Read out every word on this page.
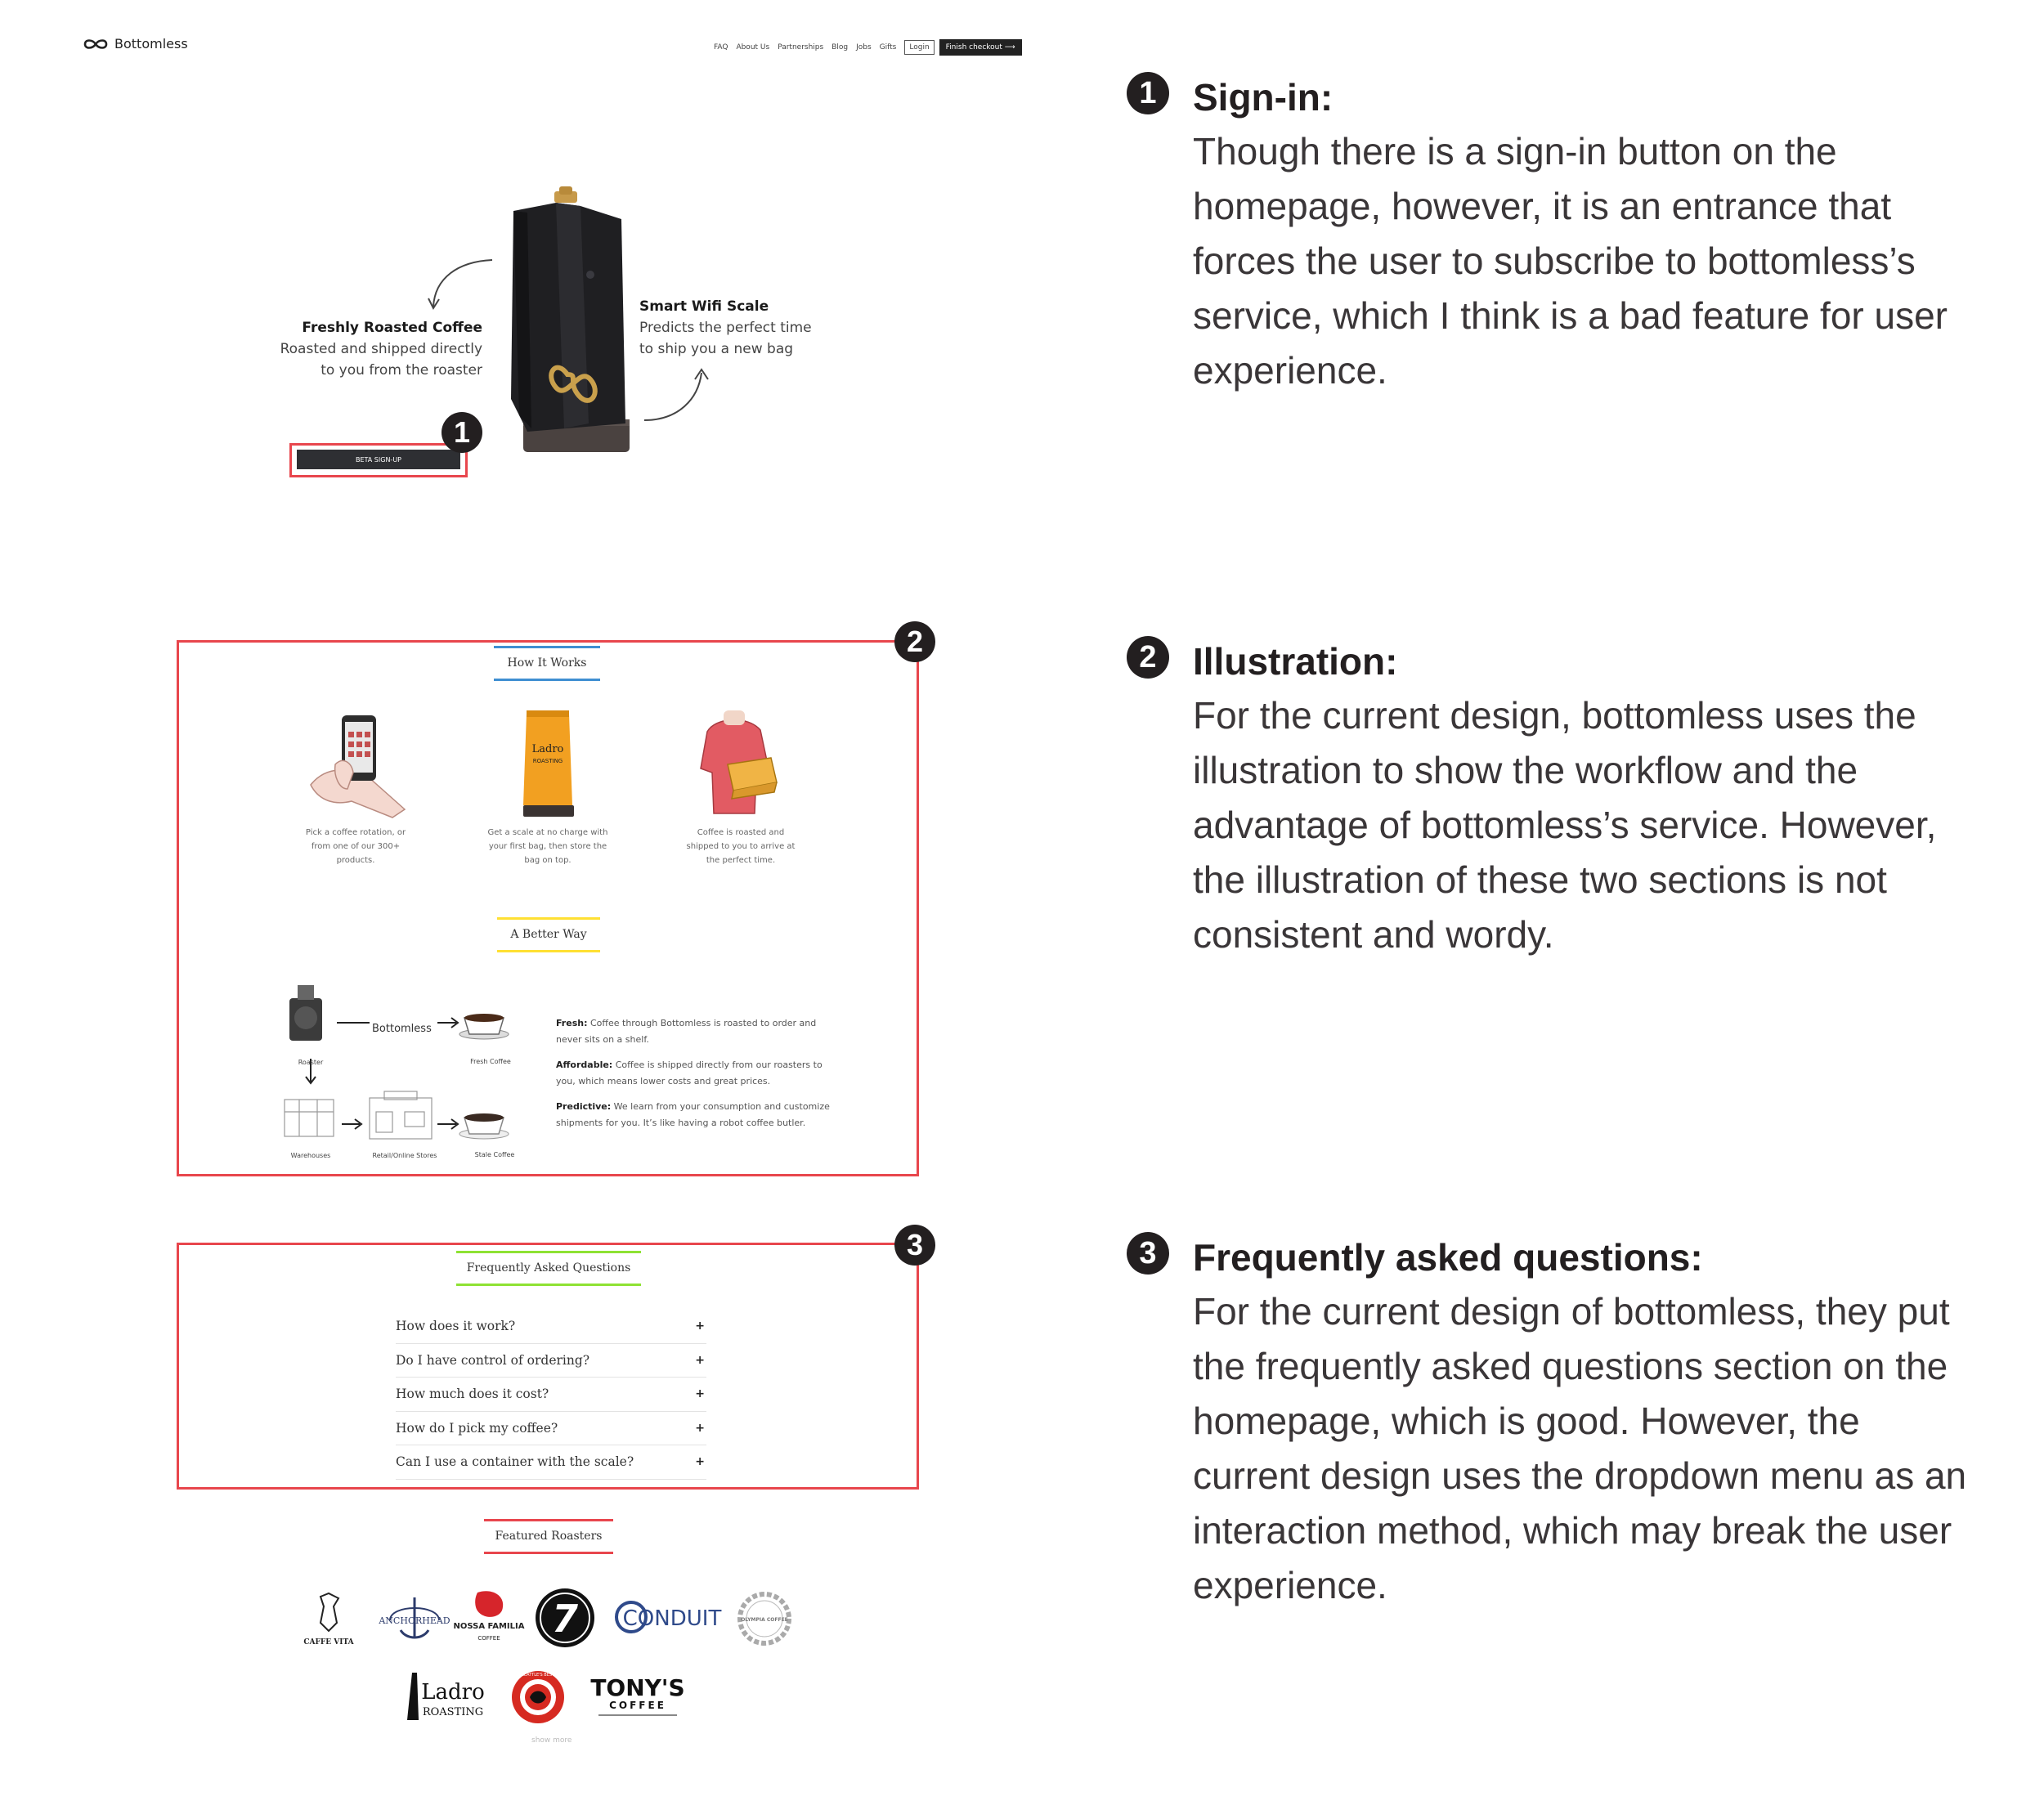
Bottomless	FAQ About Us Partnerships Blog Jobs Gifts	Login	Finish checkout ⟶
Freshly Roasted Coffee
Roasted and shipped directly
to you from the roaster
Smart Wifi Scale
Predicts the perfect time
to ship you a new bag
BETA SIGN-UP
1
2
How It Works
Ladro
ROASTING
Pick a coffee rotation, or
from one of our 300+
products.
Get a scale at no charge with
your first bag, then store the
bag on top.
Coffee is roasted and
shipped to you to arrive at
the perfect time.
A Better Way
Bottomless
Roaster	Fresh Coffee
Warehouses	Retail/Online Stores	Stale Coffee

Fresh: Coffee through Bottomless is roasted to order and never sits on a shelf.

Affordable: Coffee is shipped directly from our roasters to you, which means lower costs and great prices.

Predictive: We learn from your consumption and customize shipments for you. It’s like having a robot coffee butler.

3
Frequently Asked Questions
How does it work?	+
Do I have control of ordering?	+
How much does it cost?	+
How do I pick my coffee?	+
Can I use a container with the scale?	+
Featured Roasters
CAFFE VITA
ANCHORHEAD
NOSSA FAMILIA
COFFEE 7 CONDUIT	OLYMPIA COFFEE
Ladro
ROASTING
SEATTLE'S BEST TONY'S
COFFEE
show more
1 Sign-in:
Though there is a sign-in button on the
homepage, however, it is an entrance that
forces the user to subscribe to bottomless’s
service, which I think is a bad feature for user
experience.
2 Illustration:
For the current design, bottomless uses the
illustration to show the workflow and the
advantage of bottomless’s service. However,
the illustration of these two sections is not
consistent and wordy.
3 Frequently asked questions:
For the current design of bottomless, they put
the frequently asked questions section on the
homepage, which is good. However, the
current design uses the dropdown menu as an
interaction method, which may break the user
experience.
